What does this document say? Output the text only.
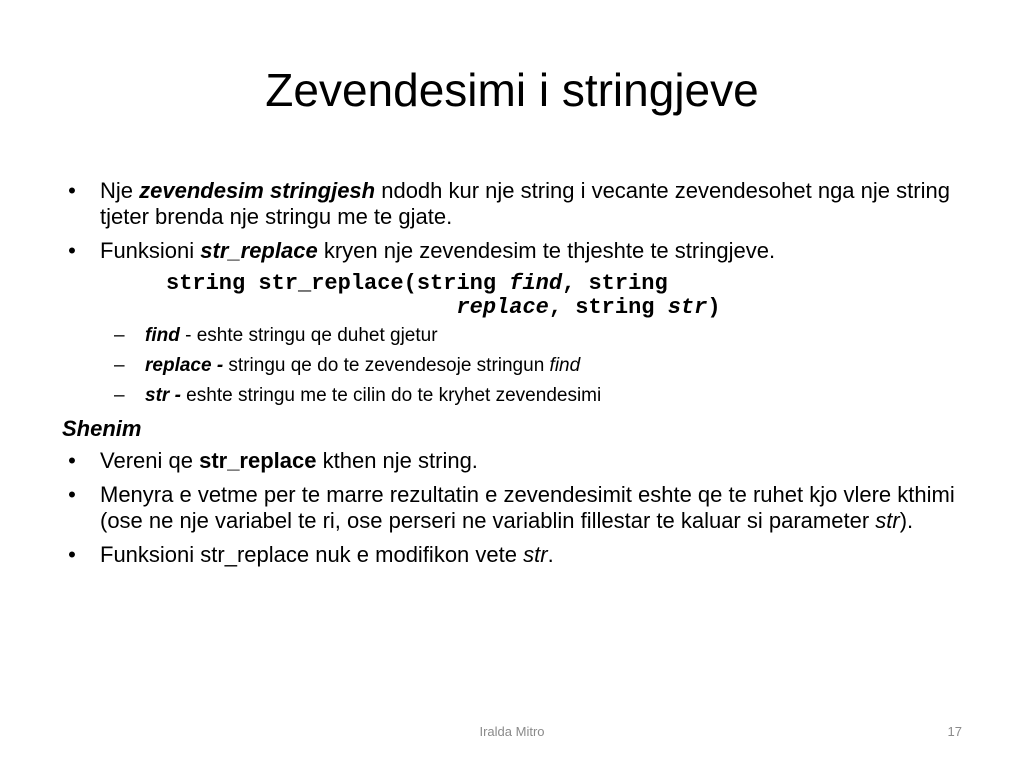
Zevendesimi i stringjeve
• Nje zevendesim stringjesh ndodh kur nje string i vecante zevendesohet nga nje string tjeter brenda nje stringu me te gjate.
• Funksioni str_replace kryen nje zevendesim te thjeshte te stringjeve.
string str_replace(string find, string
replace, string str)
– find - eshte stringu qe duhet gjetur
– replace - stringu qe do te zevendesoje stringun find
– str - eshte stringu me te cilin do te kryhet zevendesimi
Shenim
• Vereni qe str_replace kthen nje string.
• Menyra e vetme per te marre rezultatin e zevendesimit eshte qe te ruhet kjo vlere kthimi (ose ne nje variabel te ri, ose perseri ne variablin fillestar te kaluar si parameter str).
• Funksioni str_replace nuk e modifikon vete str.
Iralda Mitro	17
